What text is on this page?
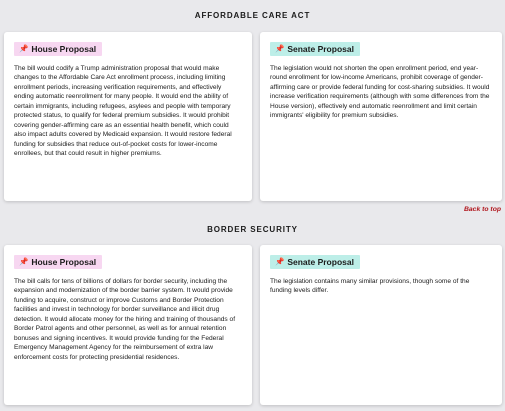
AFFORDABLE CARE ACT
📌 House Proposal

The bill would codify a Trump administration proposal that would make changes to the Affordable Care Act enrollment process, including limiting enrollment periods, increasing verification requirements, and effectively ending automatic reenrollment for many people. It would end the ability of certain immigrants, including refugees, asylees and people with temporary protected status, to qualify for federal premium subsidies. It would prohibit covering gender-affirming care as an essential health benefit, which could also impact adults covered by Medicaid expansion. It would restore federal funding for subsidies that reduce out-of-pocket costs for lower-income enrollees, but that could result in higher premiums.

📌 Senate Proposal

The legislation would not shorten the open enrollment period, end year-round enrollment for low-income Americans, prohibit coverage of gender-affirming care or provide federal funding for cost-sharing subsidies. It would increase verification requirements (although with some differences from the House version), effectively end automatic reenrollment and limit certain immigrants' eligibility for premium subsidies.

Back to top
BORDER SECURITY
📌 House Proposal

The bill calls for tens of billions of dollars for border security, including the expansion and modernization of the border barrier system. It would provide funding to acquire, construct or improve Customs and Border Protection facilities and invest in technology for border surveillance and illicit drug detection. It would allocate money for the hiring and training of thousands of Border Patrol agents and other personnel, as well as for annual retention bonuses and signing incentives. It would provide funding for the Federal Emergency Management Agency for the reimbursement of extra law enforcement costs for protecting presidential residences.

📌 Senate Proposal

The legislation contains many similar provisions, though some of the funding levels differ.
